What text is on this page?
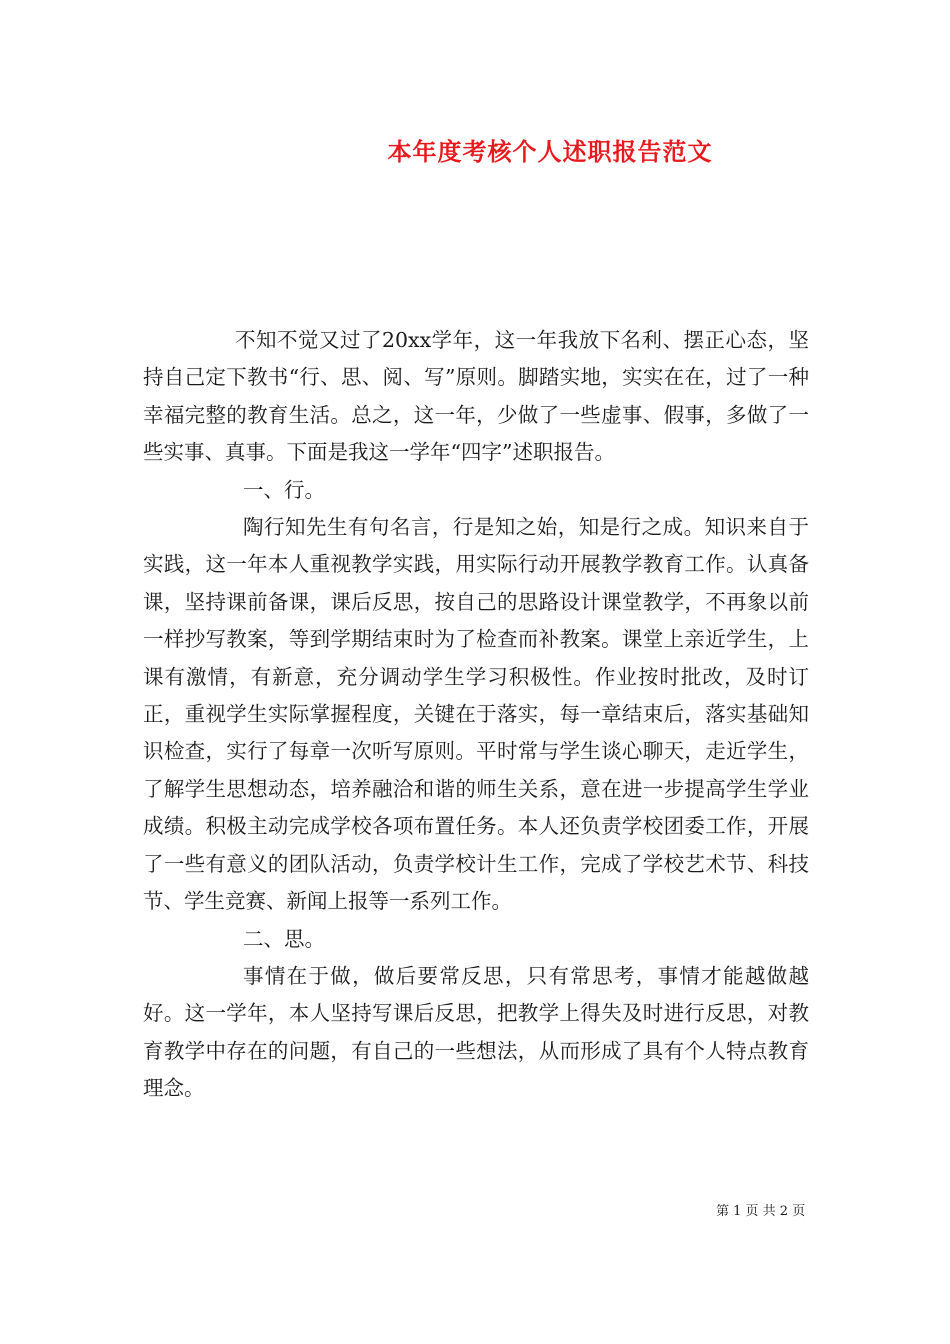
本年度考核个人述职报告范文

不知不觉又过了20xx学年，这一年我放下名利、摆正心态，坚持自己定下教书“行、思、阅、写”原则。脚踏实地，实实在在，过了一种幸福完整的教育生活。总之，这一年，少做了一些虚事、假事，多做了一些实事、真事。下面是我这一学年“四字”述职报告。

一、行。

陶行知先生有句名言，行是知之始，知是行之成。知识来自于实践，这一年本人重视教学实践，用实际行动开展教学教育工作。认真备课，坚持课前备课，课后反思，按自己的思路设计课堂教学，不再象以前一样抄写教案，等到学期结束时为了检查而补教案。课堂上亲近学生，上课有激情，有新意，充分调动学生学习积极性。作业按时批改，及时订正，重视学生实际掌握程度，关键在于落实，每一章结束后，落实基础知识检查，实行了每章一次听写原则。平时常与学生谈心聊天，走近学生，了解学生思想动态，培养融洽和谐的师生关系，意在进一步提高学生学业成绩。积极主动完成学校各项布置任务。本人还负责学校团委工作，开展了一些有意义的团队活动，负责学校计生工作，完成了学校艺术节、科技节、学生竞赛、新闻上报等一系列工作。

二、思。

事情在于做，做后要常反思，只有常思考，事情才能越做越好。这一学年，本人坚持写课后反思，把教学上得失及时进行反思，对教育教学中存在的问题，有自己的一些想法，从而形成了具有个人特点教育理念。

第 1 页 共 2 页
